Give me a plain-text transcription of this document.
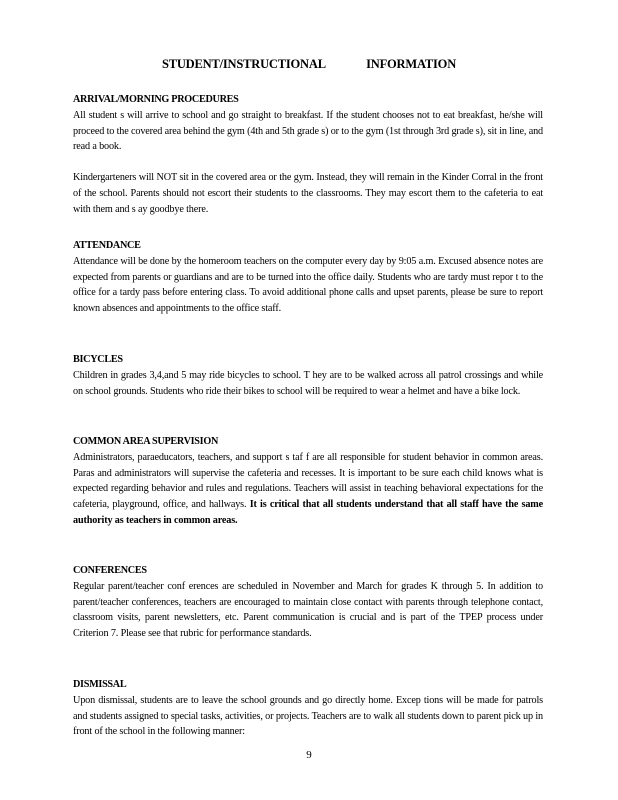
STUDENT/INSTRUCTIONAL              INFORMATION
ARRIVAL/MORNING PROCEDURES
All student s will arrive to school and go straight to breakfast. If the student chooses not to eat breakfast, he/she will proceed to the covered area behind the gym (4th and 5th grade s) or to the gym (1st through 3rd grade s), sit in line, and read a book.
Kindergarteners will NOT sit in the covered area or the gym. Instead, they will remain in the Kinder Corral in the front of the school. Parents should not escort their students to the classrooms. They may escort them to the cafeteria to eat with them and s ay goodbye there.
ATTENDANCE
Attendance will be done by the homeroom teachers on the computer every day by 9:05 a.m. Excused absence notes are expected from parents or guardians and are to be turned into the office daily. Students who are tardy must repor t to the office for a tardy pass before entering class. To avoid additional phone calls and upset parents, please be sure to report known absences and appointments to the office staff.
BICYCLES
Children in grades 3,4,and 5 may ride bicycles to school. T hey are to be walked across all patrol crossings and while on school grounds. Students who ride their bikes to school will be required to wear a helmet and have a bike lock.
COMMON AREA SUPERVISION
Administrators, paraeducators, teachers, and support s taf f are all responsible for student behavior in common areas. Paras and administrators will supervise the cafeteria and recesses. It is important to be sure each child knows what is expected regarding behavior and rules and regulations. Teachers will assist in teaching behavioral expectations for the cafeteria, playground, office, and hallways. It is critical that all students understand that all staff have the same authority as teachers in common areas.
CONFERENCES
Regular parent/teacher conf erences are scheduled in November and March for grades K through 5. In addition to parent/teacher conferences, teachers are encouraged to maintain close contact with parents through telephone contact, classroom visits, parent newsletters, etc. Parent communication is crucial and is part of the TPEP process under Criterion 7. Please see that rubric for performance standards.
DISMISSAL
Upon dismissal, students are to leave the school grounds and go directly home. Excep tions will be made for patrols and students assigned to special tasks, activities, or projects. Teachers are to walk all students down to parent pick up in front of the school in the following manner:
9
